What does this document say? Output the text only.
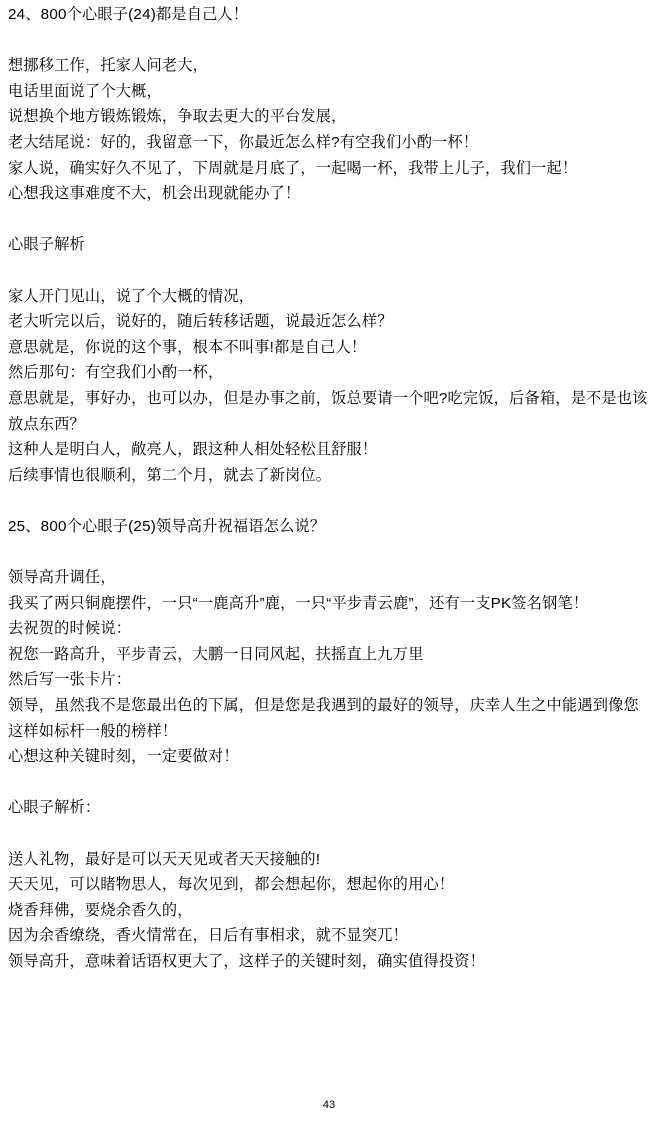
24、800个心眼子(24)都是自己人！

想挪移工作，托家人问老大，

电话里面说了个大概，

说想换个地方锻炼锻炼，争取去更大的平台发展，

老大结尾说：好的，我留意一下，你最近怎么样?有空我们小酌一杯！

家人说，确实好久不见了，下周就是月底了，一起喝一杯，我带上儿子，我们一起！

心想我这事难度不大，机会出现就能办了！

心眼子解析

家人开门见山，说了个大概的情况，

老大听完以后，说好的，随后转移话题，说最近怎么样？

意思就是，你说的这个事，根本不叫事!都是自己人！

然后那句：有空我们小酌一杯，

意思就是，事好办，也可以办，但是办事之前，饭总要请一个吧?吃完饭，后备箱，是不是也该放点东西？

这种人是明白人，敞亮人，跟这种人相处轻松且舒服！

后续事情也很顺利，第二个月，就去了新岗位。

25、800个心眼子(25)领导高升祝福语怎么说？

领导高升调任，

我买了两只铜鹿摆件，一只“一鹿高升”鹿，一只“平步青云鹿”，还有一支PK签名钢笔！

去祝贺的时候说：

祝您一路高升，平步青云，大鹏一日同风起，扶摇直上九万里

然后写一张卡片：

领导，虽然我不是您最出色的下属，但是您是我遇到的最好的领导，庆幸人生之中能遇到像您这样如标杆一般的榜样！

心想这种关键时刻，一定要做对！

心眼子解析：

送人礼物，最好是可以天天见或者天天接触的!

天天见，可以睹物思人，每次见到，都会想起你，想起你的用心！

烧香拜佛，要烧余香久的，

因为余香缭绕，香火情常在，日后有事相求，就不显突兀！

领导高升，意味着话语权更大了，这样子的关键时刻，确实值得投资！

43
